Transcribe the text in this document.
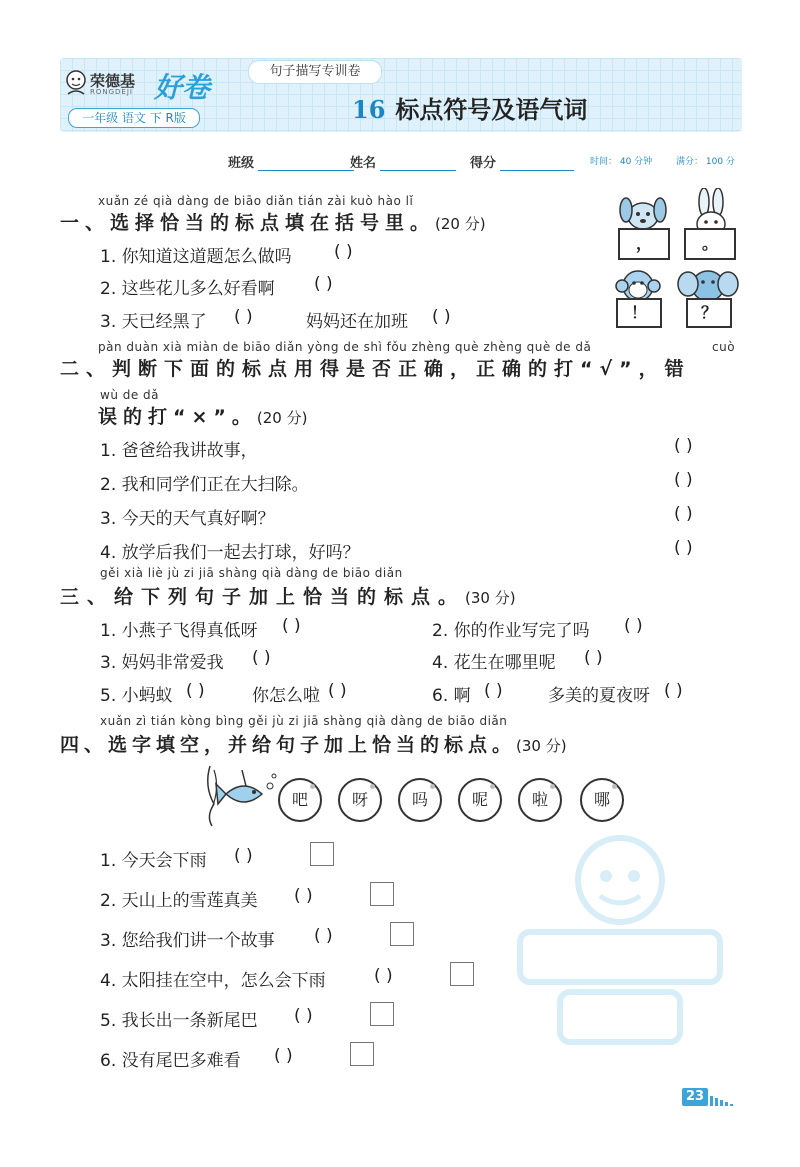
荣德基
RONGDEJI 好卷
一年级 语文 下 R版
句子描写专训卷
16 标点符号及语气词
班级	姓名	得分	时间： 40 分钟	满分： 100 分
xuǎn zé qià dàng de biāo diǎn tián zài kuò hào lǐ
一、选择恰当的标点填在括号里。(20 分)
1. 你知道这道题怎么做吗 ( )
2. 这些花儿多么好看啊 ( )
3. 天已经黑了 ( )	妈妈还在加班 ( )
，	。
！	？
pàn duàn xià miàn de biāo diǎn yòng de shì fǒu zhèng què zhèng què de dǎ	cuò
二、判断下面的标点用得是否正确，正确的打“√”，错
wù de dǎ
误的打“×”。(20 分)
1. 爸爸给我讲故事，	( )
2. 我和同学们正在大扫除。	( )
3. 今天的天气真好啊？	( )
4. 放学后我们一起去打球，好吗？	( )
gěi xià liè jù zi jiā shàng qià dàng de biāo diǎn
三、给下列句子加上恰当的标点。(30 分)
1. 小燕子飞得真低呀 ( )	2. 你的作业写完了吗 ( )
3. 妈妈非常爱我 ( )	4. 花生在哪里呢 ( )
5. 小蚂蚁 ( )	你怎么啦 ( )	6. 啊 ( )	多美的夏夜呀 ( )
xuǎn zì tián kòng bìng gěi jù zi jiā shàng qià dàng de biāo diǎn
四、选字填空，并给句子加上恰当的标点。(30 分)
吧	呀	吗	呢	啦	哪
1. 今天会下雨 ( )
2. 天山上的雪莲真美 ( )
3. 您给我们讲一个故事 ( )
4. 太阳挂在空中，怎么会下雨	( )
5. 我长出一条新尾巴 ( )
6. 没有尾巴多难看 ( )
23
